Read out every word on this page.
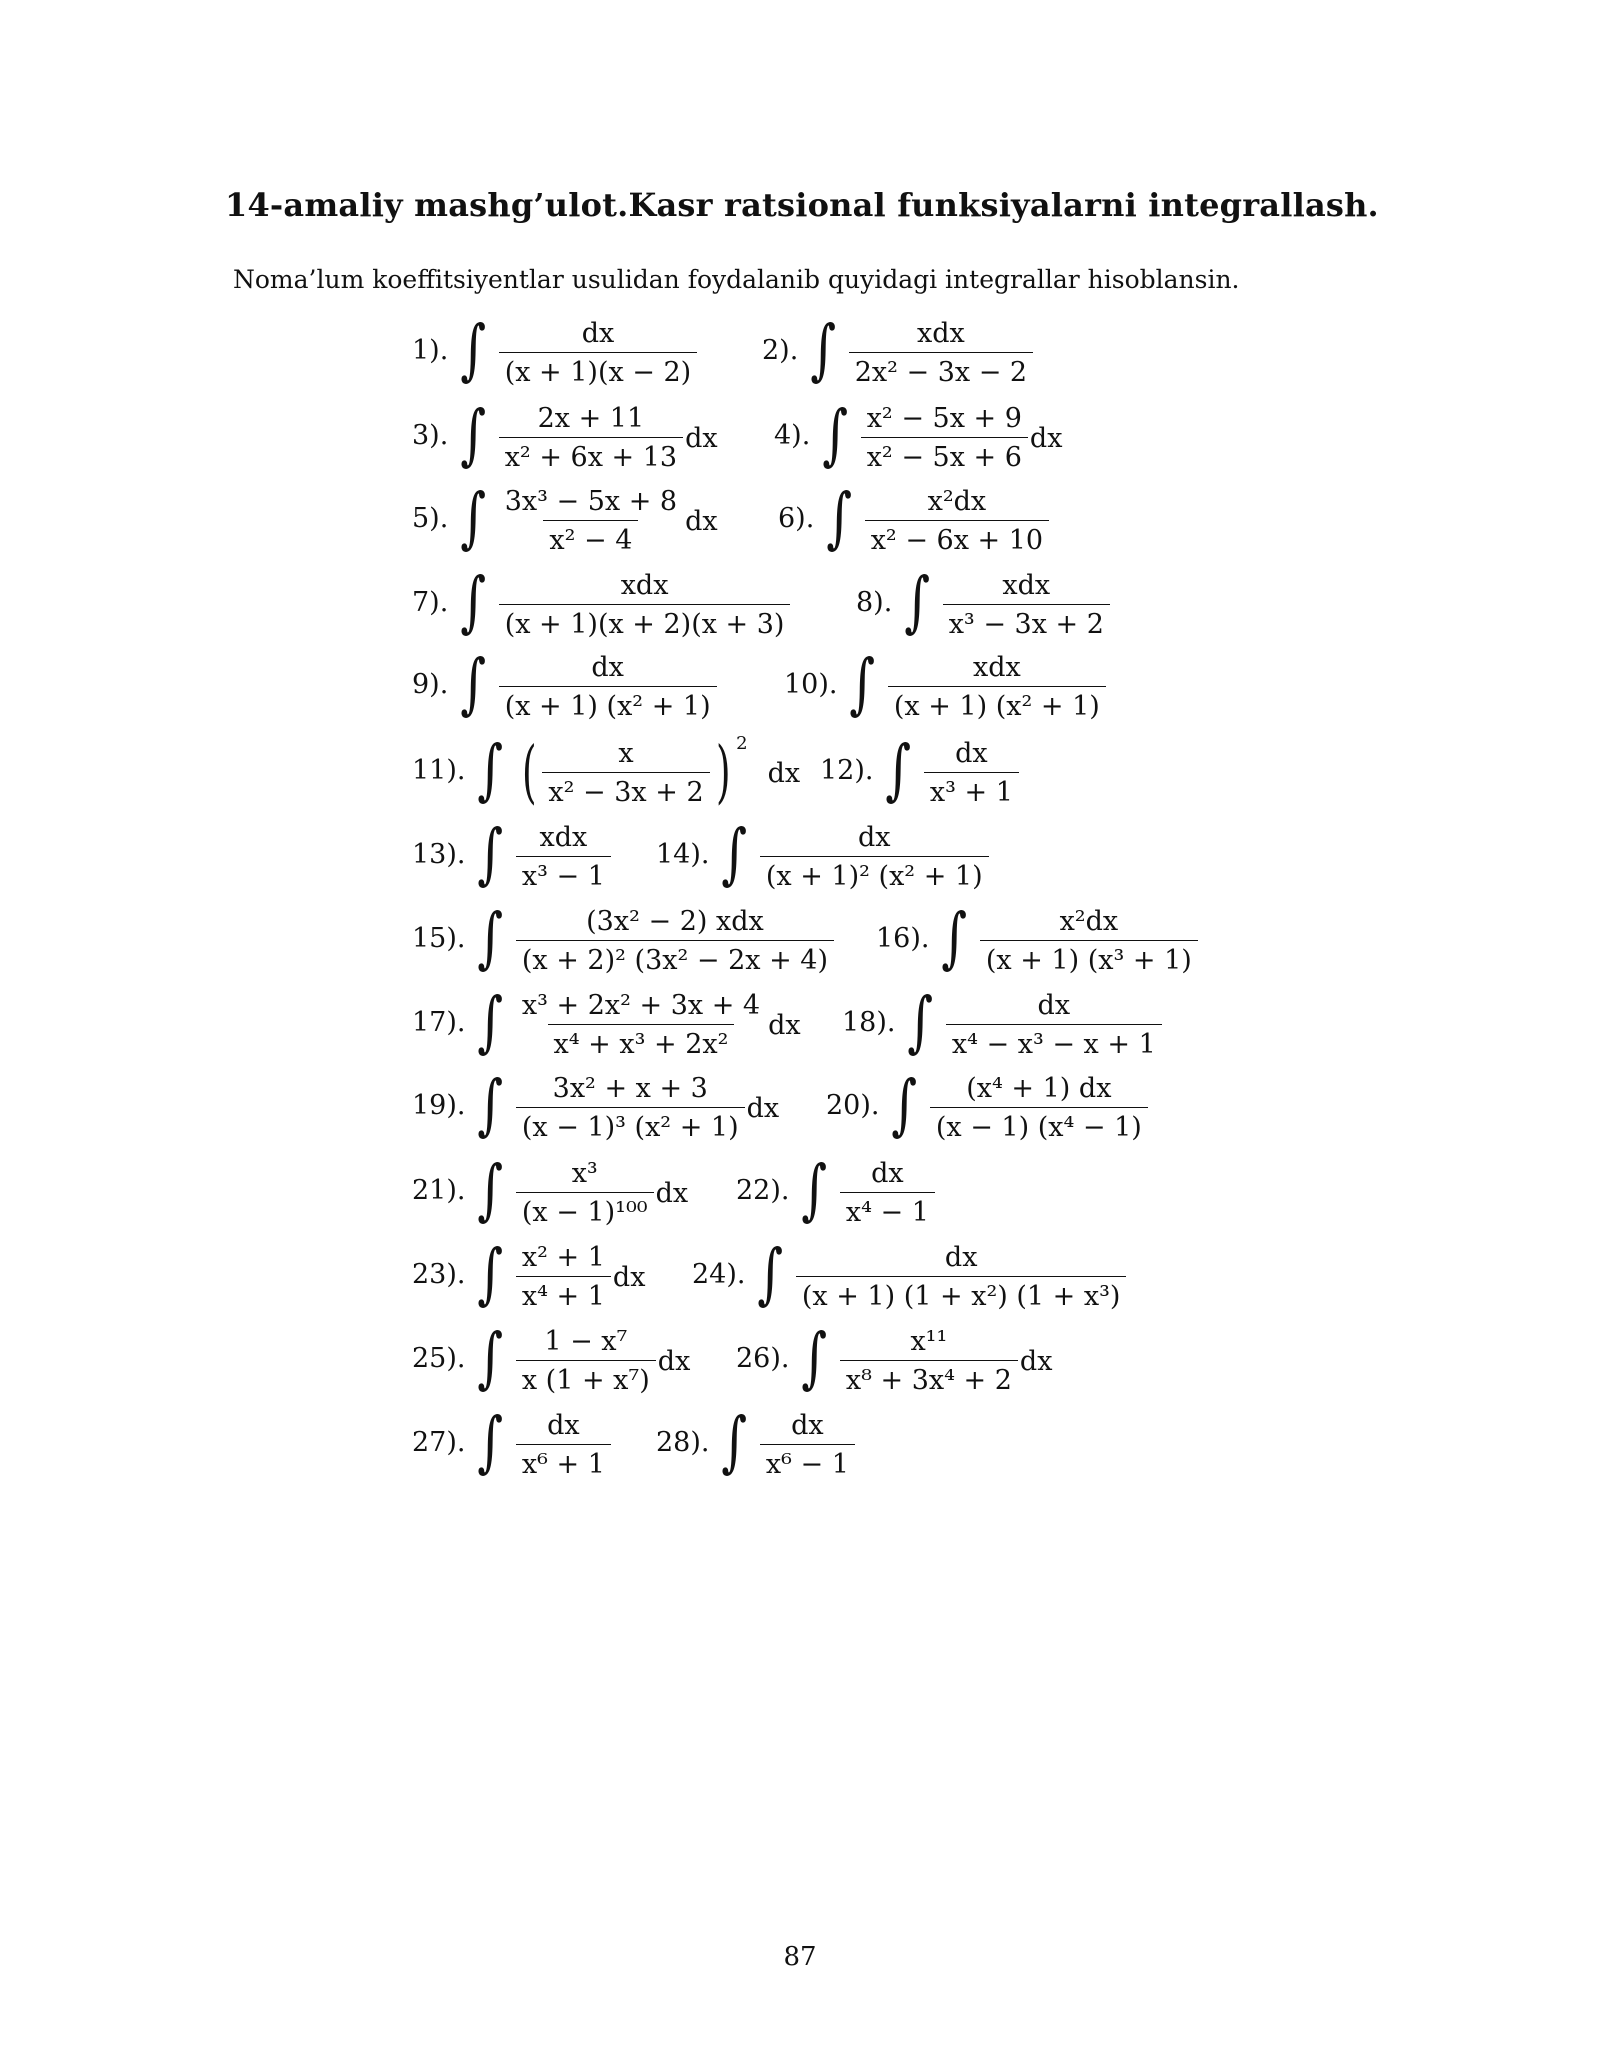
14-amaliy mashg’ulot.Kasr ratsional funksiyalarni integrallash.
Noma’lum koeffitsiyentlar usulidan foydalanib quyidagi integrallar hisoblansin.
1). ∫ $\frac{dx}{(x + 1)(x - 2)} 2$). ∫ $\frac{\text{xdx}}{\text{2x² − 3x − 2}}$
3). ∫ $\frac{2x + 11}{\text{x² + 6x + 13}}$ dx 4). ∫ $\frac{\text{x² − 5x + 9}}{\text{x² − 5x + 6}}$ dx
5). ∫ $\frac{\text{3x³ − 5x + 8}}{\text{x² − 4}}$ dx 6). ∫ $\frac{\text{x²dx}}{\text{x² − 6x + 10}}$
7). ∫ $\frac{\text{xdx}}{(x + 1)(x + 2)(x + 3)} 8$). ∫ $\frac{\text{xdx}}{\text{x³ − 3x + 2}}$
9). ∫ $\frac{dx}{\text{(x + 1) (x² + 1)}} 10$). ∫ $\frac{\text{xdx}}{\text{(x + 1) (x² + 1)}}$
11). ∫ ( $\frac{x}{\text{x² − 3x + 2}}$ ) 2
dx 12). ∫ $\frac{dx}{\text{x³ + 1}}$
13). ∫ $\frac{\text{xdx}}{\text{x³ − 1}} 14$). ∫ $\frac{dx}{\text{(x + 1)² (x² + 1)}}$
15). ∫ $\frac{\text{(3x² − 2) xdx}}{\text{(x + 2)² (3x² − 2x + 4)}} 16$). ∫ $\frac{\text{x²dx}}{\text{(x + 1) (x³ + 1)}}$
17). ∫ $\frac{\text{x³ + 2x² + 3x + 4}}{\text{x⁴ + x³ + 2x²}}$ dx 18). ∫ $\frac{dx}{\text{x⁴ − x³ − x + 1}}$
19). ∫ $\frac{\text{3x² + x + 3}}{\text{(x − 1)³ (x² + 1)}}$ dx 20). ∫ $\frac{\text{(x⁴ + 1) dx}}{\text{(x − 1) (x⁴ − 1)}}$
21). ∫ $\frac{\text{x³}}{\text{(x − 1)¹⁰⁰}}$ dx 22). ∫ $\frac{dx}{\text{x⁴ − 1}}$
23). ∫ $\frac{\text{x² + 1}}{\text{x⁴ + 1}}$ dx 24). ∫ $\frac{dx}{\text{(x + 1) (1 + x²) (1 + x³)}}$
25). ∫ $\frac{\text{1 − x⁷}}{\text{x (1 + x⁷)}}$ dx 26). ∫ $\frac{\text{x¹¹}}{\text{x⁸ + 3x⁴ + 2}}$ dx
27). ∫ $\frac{dx}{\text{x⁶ + 1}} 28$). ∫ $\frac{dx}{\text{x⁶ − 1}}$
87
